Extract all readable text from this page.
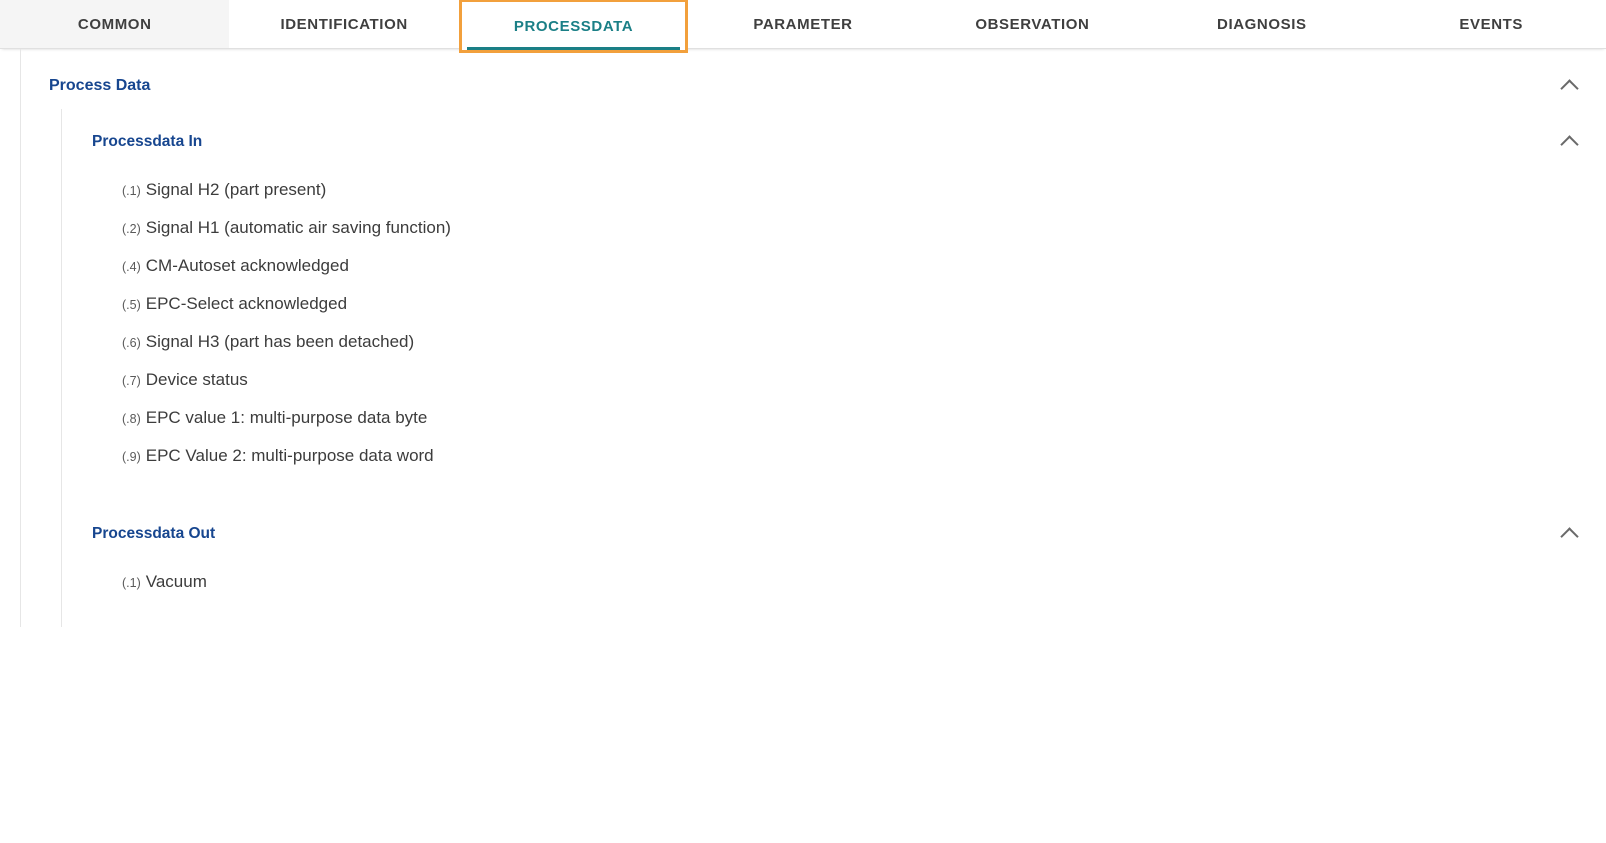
COMMON	IDENTIFICATION	PROCESSDATA	PARAMETER	OBSERVATION	DIAGNOSIS	EVENTS
Process Data
Processdata In
(.1) Signal H2 (part present)
(.2) Signal H1 (automatic air saving function)
(.4) CM-Autoset acknowledged
(.5) EPC-Select acknowledged
(.6) Signal H3 (part has been detached)
(.7) Device status
(.8) EPC value 1: multi-purpose data byte
(.9) EPC Value 2: multi-purpose data word
Processdata Out
(.1) Vacuum
